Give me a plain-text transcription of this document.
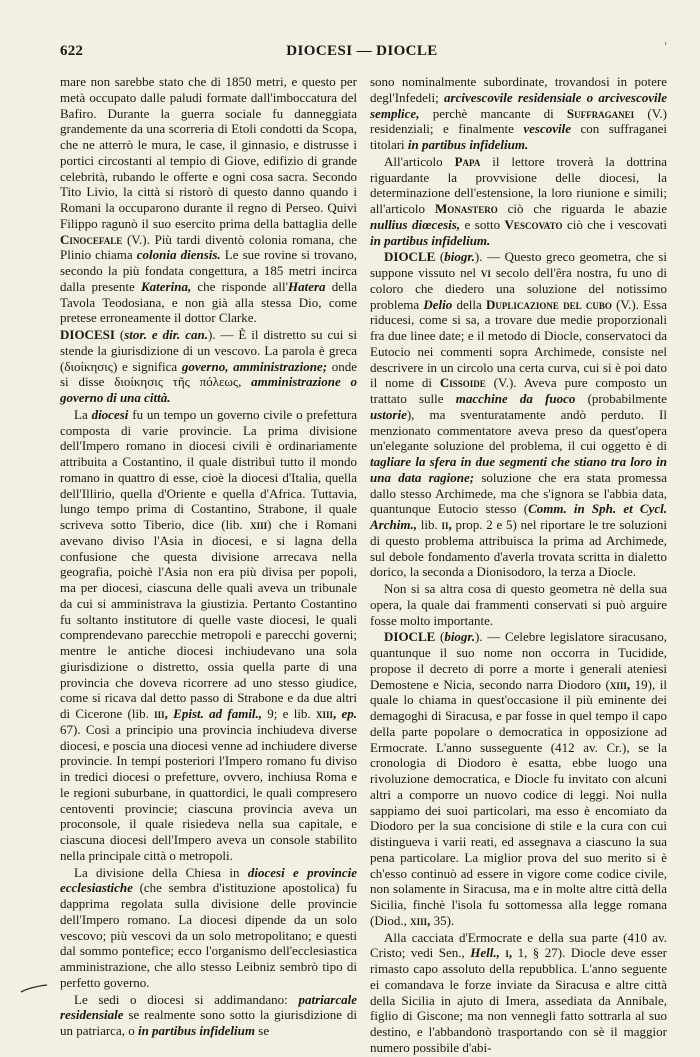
622	DIOCESI — DIOCLE	'

mare non sarebbe stato che di 1850 metri, e questo per metà occupato dalle paludi formate dall'imboccatura del Bafiro. Durante la guerra sociale fu danneggiata grandemente da una scorreria di Etoli condotti da Scopa, che ne atterrò le mura, le case, il ginnasio, e distrusse i portici circostanti al tempio di Giove, edifizio di grande celebrità, rubando le offerte e ogni cosa sacra. Secondo Tito Livio, la città si ristorò di questo danno quando i Romani la occuparono durante il regno di Perseo. Quivi Filippo ragunò il suo esercito prima della battaglia delle Cinocefale (V.). Più tardi diventò colonia romana, che Plinio chiama colonia diensis. Le sue rovine si trovano, secondo la più fondata congettura, a 185 metri incirca dalla presente Katerina, che risponde all'Hatera della Tavola Teodosiana, e non già alla stessa Dio, come pretese erroneamente il dottor Clarke.

DIOCESI (stor. e dir. can.). — È il distretto su cui si stende la giurisdizione di un vescovo. La parola è greca (διοίκησις) e significa governo, amministrazione; onde si disse διοίκησις τῆς πόλεως, amministrazione o governo di una città.

La diocesi fu un tempo un governo civile o prefettura composta di varie provincie. La prima divisione dell'Impero romano in diocesi civili è ordinariamente attribuita a Costantino, il quale distribuì tutto il mondo romano in quattro di esse, cioè la diocesi d'Italia, quella dell'Illirio, quella d'Oriente e quella d'Africa. Tuttavia, lungo tempo prima di Costantino, Strabone, il quale scriveva sotto Tiberio, dice (lib. xiii) che i Romani avevano diviso l'Asia in diocesi, e si lagna della confusione che questa divisione arrecava nella geografia, poichè l'Asia non era più divisa per popoli, ma per diocesi, ciascuna delle quali aveva un tribunale da cui si amministrava la giustizia. Pertanto Costantino fu soltanto institutore di quelle vaste diocesi, le quali comprendevano parecchie metropoli e parecchi governi; mentre le antiche diocesi inchiudevano una sola giurisdizione o distretto, ossia quella parte di una provincia che doveva ricorrere ad uno stesso giudice, come si ricava dal detto passo di Strabone e da due altri di Cicerone (lib. iii, Epist. ad famil., 9; e lib. xiii, ep. 67). Così a principio una provincia inchiudeva diverse diocesi, e poscia una diocesi venne ad inchiudere diverse provincie. In tempi posteriori l'Impero romano fu diviso in tredici diocesi o prefetture, ovvero, inchiusa Roma e le regioni suburbane, in quattordici, le quali compresero centoventi provincie; ciascuna provincia aveva un proconsole, il quale risiedeva nella sua capitale, e ciascuna diocesi dell'Impero aveva un console stabilito nella principale città o metropoli.

La divisione della Chiesa in diocesi e provincie ecclesiastiche (che sembra d'istituzione apostolica) fu dapprima regolata sulla divisione delle provincie dell'Impero romano. La diocesi dipende da un solo vescovo; più vescovi da un solo metropolitano; e questi dal sommo pontefice; ecco l'organismo dell'ecclesiastica amministrazione, che allo stesso Leibniz sembrò tipo di perfetto governo.

Le sedi o diocesi si addimandano: patriarcale residensiale se realmente sono sotto la giurisdizione di un patriarca, o in partibus infidelium se

sono nominalmente subordinate, trovandosi in potere degl'Infedeli; arcivescovile residensiale o arcivescovile semplice, perchè mancante di Suffraganei (V.) residenziali; e finalmente vescovile con suffraganei titolari in partibus infidelium.

All'articolo Papa il lettore troverà la dottrina riguardante la provvisione delle diocesi, la determinazione dell'estensione, la loro riunione e simili; all'articolo Monastero ciò che riguarda le abazie nullius diœcesis, e sotto Vescovato ciò che i vescovati in partibus infidelium.

DIOCLE (biogr.). — Questo greco geometra, che si suppone vissuto nel vi secolo dell'êra nostra, fu uno di coloro che diedero una soluzione del notissimo problema Delio della Duplicazione del cubo (V.). Essa riducesi, come si sa, a trovare due medie proporzionali fra due linee date; e il metodo di Diocle, conservatoci da Eutocio nei commenti sopra Archimede, consiste nel descrivere in un circolo una certa curva, cui si è poi dato il nome di Cissoide (V.). Aveva pure composto un trattato sulle macchine da fuoco (probabilmente ustorie), ma sventuratamente andò perduto. Il menzionato commentatore aveva preso da quest'opera un'elegante soluzione del problema, il cui oggetto è di tagliare la sfera in due segmenti che stiano tra loro in una data ragione; soluzione che era stata promessa dallo stesso Archimede, ma che s'ignora se l'abbia data, quantunque Eutocio stesso (Comm. in Sph. et Cycl. Archim., lib. ii, prop. 2 e 5) nel riportare le tre soluzioni di questo problema attribuisca la prima ad Archimede, sul debole fondamento d'averla trovata scritta in dialetto dorico, la seconda a Dionisodoro, la terza a Diocle.

Non si sa altra cosa di questo geometra nè della sua opera, la quale dai frammenti conservati si può arguire fosse molto importante.

DIOCLE (biogr.). — Celebre legislatore siracusano, quantunque il suo nome non occorra in Tucidide, propose il decreto di porre a morte i generali ateniesi Demostene e Nicia, secondo narra Diodoro (xiii, 19), il quale lo chiama in quest'occasione il più eminente dei demagoghi di Siracusa, e par fosse in quel tempo il capo della parte popolare o democratica in opposizione ad Ermocrate. L'anno susseguente (412 av. Cr.), se la cronologia di Diodoro è esatta, ebbe luogo una rivoluzione democratica, e Diocle fu invitato con alcuni altri a comporre un nuovo codice di leggi. Noi nulla sappiamo dei suoi particolari, ma esso è encomiato da Diodoro per la sua concisione di stile e la cura con cui distingueva i varii reati, ed assegnava a ciascuno la sua pena particolare. La miglior prova del suo merito si è ch'esso continuò ad essere in vigore come codice civile, non solamente in Siracusa, ma e in molte altre città della Sicilia, finchè l'isola fu sottomessa alla legge romana (Diod., xiii, 35).

Alla cacciata d'Ermocrate e della sua parte (410 av. Cristo; vedi Sen., Hell., i, 1, § 27). Diocle deve esser rimasto capo assoluto della repubblica. L'anno seguente ei comandava le forze inviate da Siracusa e altre città della Sicilia in ajuto di Imera, assediata da Annibale, figlio di Giscone; ma non vennegli fatto sottrarla al suo destino, e l'abbandonò trasportando con sè il maggior numero possibile d'abi-
